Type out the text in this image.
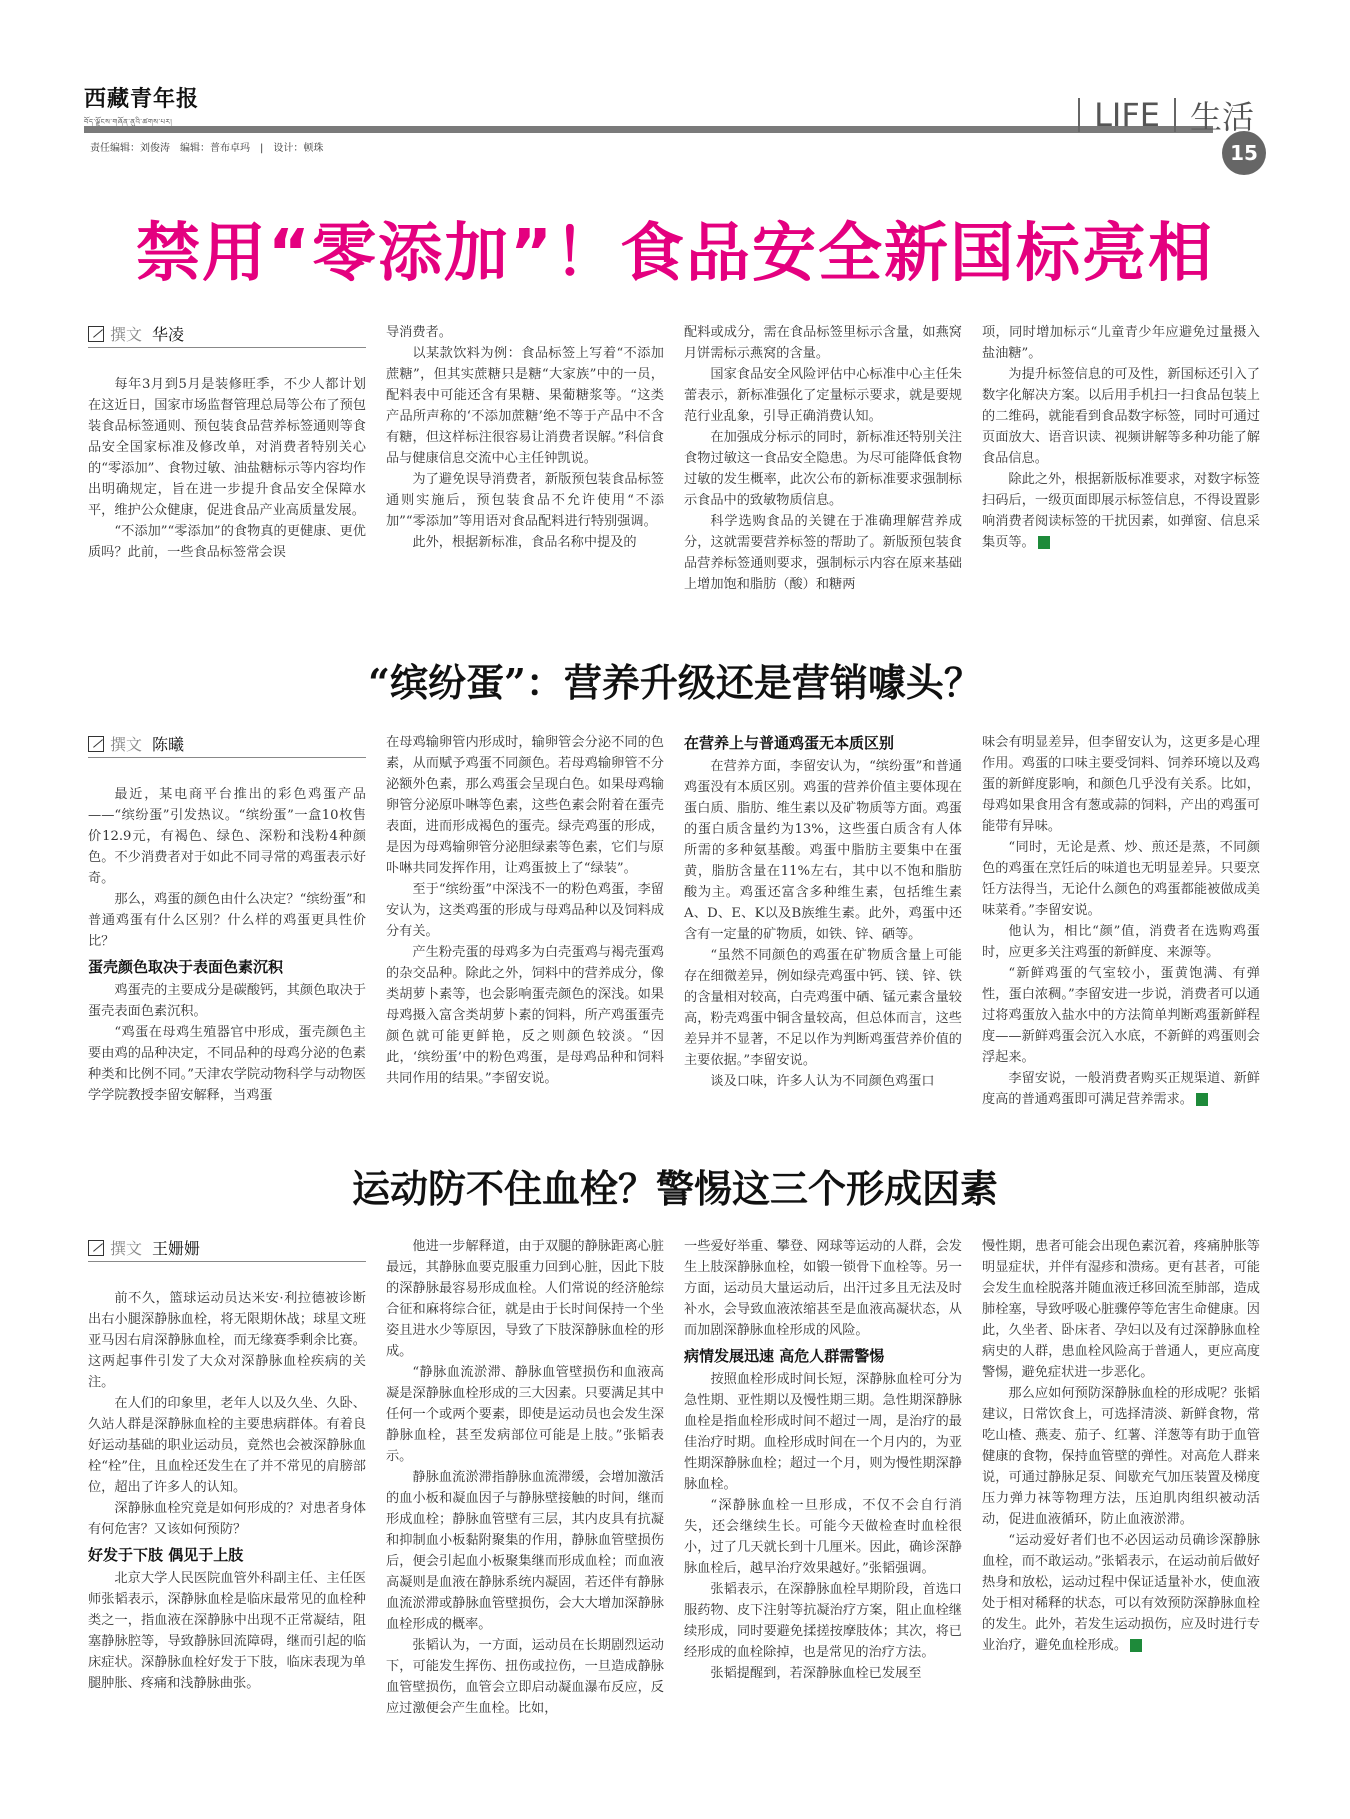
西藏青年报
བོད་ལྗོངས་གཞོན་ནུའི་ཚགས་པར།
15
责任编辑：刘俊涛 编辑：普布卓玛 | 设计：顿珠
LIFE 生活
禁用“零添加”！食品安全新国标亮相
撰文 华凌

每年3月到5月是装修旺季，不少人都计划在这近日，国家市场监督管理总局等公布了预包装食品标签通则、预包装食品营养标签通则等食品安全国家标准及修改单，对消费者特别关心的“零添加”、食物过敏、油盐糖标示等内容均作出明确规定，旨在进一步提升食品安全保障水平，维护公众健康，促进食品产业高质量发展。

“不添加”“零添加”的食物真的更健康、更优质吗？此前，一些食品标签常会误

导消费者。

以某款饮料为例：食品标签上写着“不添加蔗糖”，但其实蔗糖只是糖“大家族”中的一员，配料表中可能还含有果糖、果葡糖浆等。“这类产品所声称的‘不添加蔗糖’绝不等于产品中不含有糖，但这样标注很容易让消费者误解。”科信食品与健康信息交流中心主任钟凯说。

为了避免误导消费者，新版预包装食品标签通则实施后，预包装食品不允许使用“不添加”“零添加”等用语对食品配料进行特别强调。

此外，根据新标准，食品名称中提及的

配料或成分，需在食品标签里标示含量，如燕窝月饼需标示燕窝的含量。

国家食品安全风险评估中心标准中心主任朱蕾表示，新标准强化了定量标示要求，就是要规范行业乱象，引导正确消费认知。

在加强成分标示的同时，新标准还特别关注食物过敏这一食品安全隐患。为尽可能降低食物过敏的发生概率，此次公布的新标准要求强制标示食品中的致敏物质信息。

科学选购食品的关键在于准确理解营养成分，这就需要营养标签的帮助了。新版预包装食品营养标签通则要求，强制标示内容在原来基础上增加饱和脂肪（酸）和糖两

项，同时增加标示“儿童青少年应避免过量摄入盐油糖”。

为提升标签信息的可及性，新国标还引入了数字化解决方案。以后用手机扫一扫食品包装上的二维码，就能看到食品数字标签，同时可通过页面放大、语音识读、视频讲解等多种功能了解食品信息。

除此之外，根据新版标准要求，对数字标签扫码后，一级页面即展示标签信息，不得设置影响消费者阅读标签的干扰因素，如弹窗、信息采集页等。

“缤纷蛋”：营养升级还是营销噱头？
撰文 陈曦

最近，某电商平台推出的彩色鸡蛋产品——“缤纷蛋”引发热议。“缤纷蛋”一盒10枚售价12.9元，有褐色、绿色、深粉和浅粉4种颜色。不少消费者对于如此不同寻常的鸡蛋表示好奇。

那么，鸡蛋的颜色由什么决定？“缤纷蛋”和普通鸡蛋有什么区别？什么样的鸡蛋更具性价比？

蛋壳颜色取决于表面色素沉积

鸡蛋壳的主要成分是碳酸钙，其颜色取决于蛋壳表面色素沉积。

“鸡蛋在母鸡生殖器官中形成，蛋壳颜色主要由鸡的品种决定，不同品种的母鸡分泌的色素种类和比例不同。”天津农学院动物科学与动物医学学院教授李留安解释，当鸡蛋

在母鸡输卵管内形成时，输卵管会分泌不同的色素，从而赋予鸡蛋不同颜色。若母鸡输卵管不分泌额外色素，那么鸡蛋会呈现白色。如果母鸡输卵管分泌原卟啉等色素，这些色素会附着在蛋壳表面，进而形成褐色的蛋壳。绿壳鸡蛋的形成，是因为母鸡输卵管分泌胆绿素等色素，它们与原卟啉共同发挥作用，让鸡蛋披上了“绿装”。

至于“缤纷蛋”中深浅不一的粉色鸡蛋，李留安认为，这类鸡蛋的形成与母鸡品种以及饲料成分有关。

产生粉壳蛋的母鸡多为白壳蛋鸡与褐壳蛋鸡的杂交品种。除此之外，饲料中的营养成分，像类胡萝卜素等，也会影响蛋壳颜色的深浅。如果母鸡摄入富含类胡萝卜素的饲料，所产鸡蛋蛋壳颜色就可能更鲜艳，反之则颜色较淡。“因此，‘缤纷蛋’中的粉色鸡蛋，是母鸡品种和饲料共同作用的结果。”李留安说。

在营养上与普通鸡蛋无本质区别

在营养方面，李留安认为，“缤纷蛋”和普通鸡蛋没有本质区别。鸡蛋的营养价值主要体现在蛋白质、脂肪、维生素以及矿物质等方面。鸡蛋的蛋白质含量约为13%，这些蛋白质含有人体所需的多种氨基酸。鸡蛋中脂肪主要集中在蛋黄，脂肪含量在11%左右，其中以不饱和脂肪酸为主。鸡蛋还富含多种维生素，包括维生素A、D、E、K以及B族维生素。此外，鸡蛋中还含有一定量的矿物质，如铁、锌、硒等。

“虽然不同颜色的鸡蛋在矿物质含量上可能存在细微差异，例如绿壳鸡蛋中钙、镁、锌、铁的含量相对较高，白壳鸡蛋中硒、锰元素含量较高，粉壳鸡蛋中铜含量较高，但总体而言，这些差异并不显著，不足以作为判断鸡蛋营养价值的主要依据。”李留安说。

谈及口味，许多人认为不同颜色鸡蛋口

味会有明显差异，但李留安认为，这更多是心理作用。鸡蛋的口味主要受饲料、饲养环境以及鸡蛋的新鲜度影响，和颜色几乎没有关系。比如，母鸡如果食用含有葱或蒜的饲料，产出的鸡蛋可能带有异味。

“同时，无论是煮、炒、煎还是蒸，不同颜色的鸡蛋在烹饪后的味道也无明显差异。只要烹饪方法得当，无论什么颜色的鸡蛋都能被做成美味菜肴。”李留安说。

他认为，相比“颜”值，消费者在选购鸡蛋时，应更多关注鸡蛋的新鲜度、来源等。

“新鲜鸡蛋的气室较小，蛋黄饱满、有弹性，蛋白浓稠。”李留安进一步说，消费者可以通过将鸡蛋放入盐水中的方法简单判断鸡蛋新鲜程度——新鲜鸡蛋会沉入水底，不新鲜的鸡蛋则会浮起来。

李留安说，一般消费者购买正规渠道、新鲜度高的普通鸡蛋即可满足营养需求。

运动防不住血栓？警惕这三个形成因素
撰文 王姗姗

前不久，篮球运动员达米安·利拉德被诊断出右小腿深静脉血栓，将无限期休战；球星文班亚马因右肩深静脉血栓，而无缘赛季剩余比赛。这两起事件引发了大众对深静脉血栓疾病的关注。

在人们的印象里，老年人以及久坐、久卧、久站人群是深静脉血栓的主要患病群体。有着良好运动基础的职业运动员，竟然也会被深静脉血栓“栓”住，且血栓还发生在了并不常见的肩膀部位，超出了许多人的认知。

深静脉血栓究竟是如何形成的？对患者身体有何危害？又该如何预防？

好发于下肢 偶见于上肢

北京大学人民医院血管外科副主任、主任医师张韬表示，深静脉血栓是临床最常见的血栓种类之一，指血液在深静脉中出现不正常凝结，阻塞静脉腔等，导致静脉回流障碍，继而引起的临床症状。深静脉血栓好发于下肢，临床表现为单腿肿胀、疼痛和浅静脉曲张。

他进一步解释道，由于双腿的静脉距离心脏最远，其静脉血要克服重力回到心脏，因此下肢的深静脉最容易形成血栓。人们常说的经济舱综合征和麻将综合征，就是由于长时间保持一个坐姿且进水少等原因，导致了下肢深静脉血栓的形成。

“静脉血流淤滞、静脉血管壁损伤和血液高凝是深静脉血栓形成的三大因素。只要满足其中任何一个或两个要素，即使是运动员也会发生深静脉血栓，甚至发病部位可能是上肢。”张韬表示。

静脉血流淤滞指静脉血流滞缓，会增加激活的血小板和凝血因子与静脉壁接触的时间，继而形成血栓；静脉血管壁有三层，其内皮具有抗凝和抑制血小板黏附聚集的作用，静脉血管壁损伤后，便会引起血小板聚集继而形成血栓；而血液高凝则是血液在静脉系统内凝固，若还伴有静脉血流淤滞或静脉血管壁损伤，会大大增加深静脉血栓形成的概率。

张韬认为，一方面，运动员在长期剧烈运动下，可能发生挥伤、扭伤或拉伤，一旦造成静脉血管壁损伤，血管会立即启动凝血瀑布反应，反应过激便会产生血栓。比如，

一些爱好举重、攀登、网球等运动的人群，会发生上肢深静脉血栓，如锻一锁骨下血栓等。另一方面，运动员大量运动后，出汗过多且无法及时补水，会导致血液浓缩甚至是血液高凝状态，从而加剧深静脉血栓形成的风险。

病情发展迅速 高危人群需警惕

按照血栓形成时间长短，深静脉血栓可分为急性期、亚性期以及慢性期三期。急性期深静脉血栓是指血栓形成时间不超过一周，是治疗的最佳治疗时期。血栓形成时间在一个月内的，为亚性期深静脉血栓；超过一个月，则为慢性期深静脉血栓。

“深静脉血栓一旦形成，不仅不会自行消失，还会继续生长。可能今天做检查时血栓很小，过了几天就长到十几厘米。因此，确诊深静脉血栓后，越早治疗效果越好。”张韬强调。

张韬表示，在深静脉血栓早期阶段，首选口服药物、皮下注射等抗凝治疗方案，阻止血栓继续形成，同时要避免揉搓按摩肢体；其次，将已经形成的血栓除掉，也是常见的治疗方法。

张韬提醒到，若深静脉血栓已发展至

慢性期，患者可能会出现色素沉着，疼痛肿胀等明显症状，并伴有湿疹和溃疡。更有甚者，可能会发生血栓脱落并随血液迁移回流至肺部，造成肺栓塞，导致呼吸心脏骤停等危害生命健康。因此，久坐者、卧床者、孕妇以及有过深静脉血栓病史的人群，患血栓风险高于普通人，更应高度警惕，避免症状进一步恶化。

那么应如何预防深静脉血栓的形成呢？张韬建议，日常饮食上，可选择清淡、新鲜食物，常吃山楂、燕麦、茄子、红薯、洋葱等有助于血管健康的食物，保持血管壁的弹性。对高危人群来说，可通过静脉足泵、间歇充气加压装置及梯度压力弹力袜等物理方法，压迫肌肉组织被动活动，促进血液循环，防止血液淤滞。

“运动爱好者们也不必因运动员确诊深静脉血栓，而不敢运动。”张韬表示，在运动前后做好热身和放松，运动过程中保证适量补水，使血液处于相对稀释的状态，可以有效预防深静脉血栓的发生。此外，若发生运动损伤，应及时进行专业治疗，避免血栓形成。
